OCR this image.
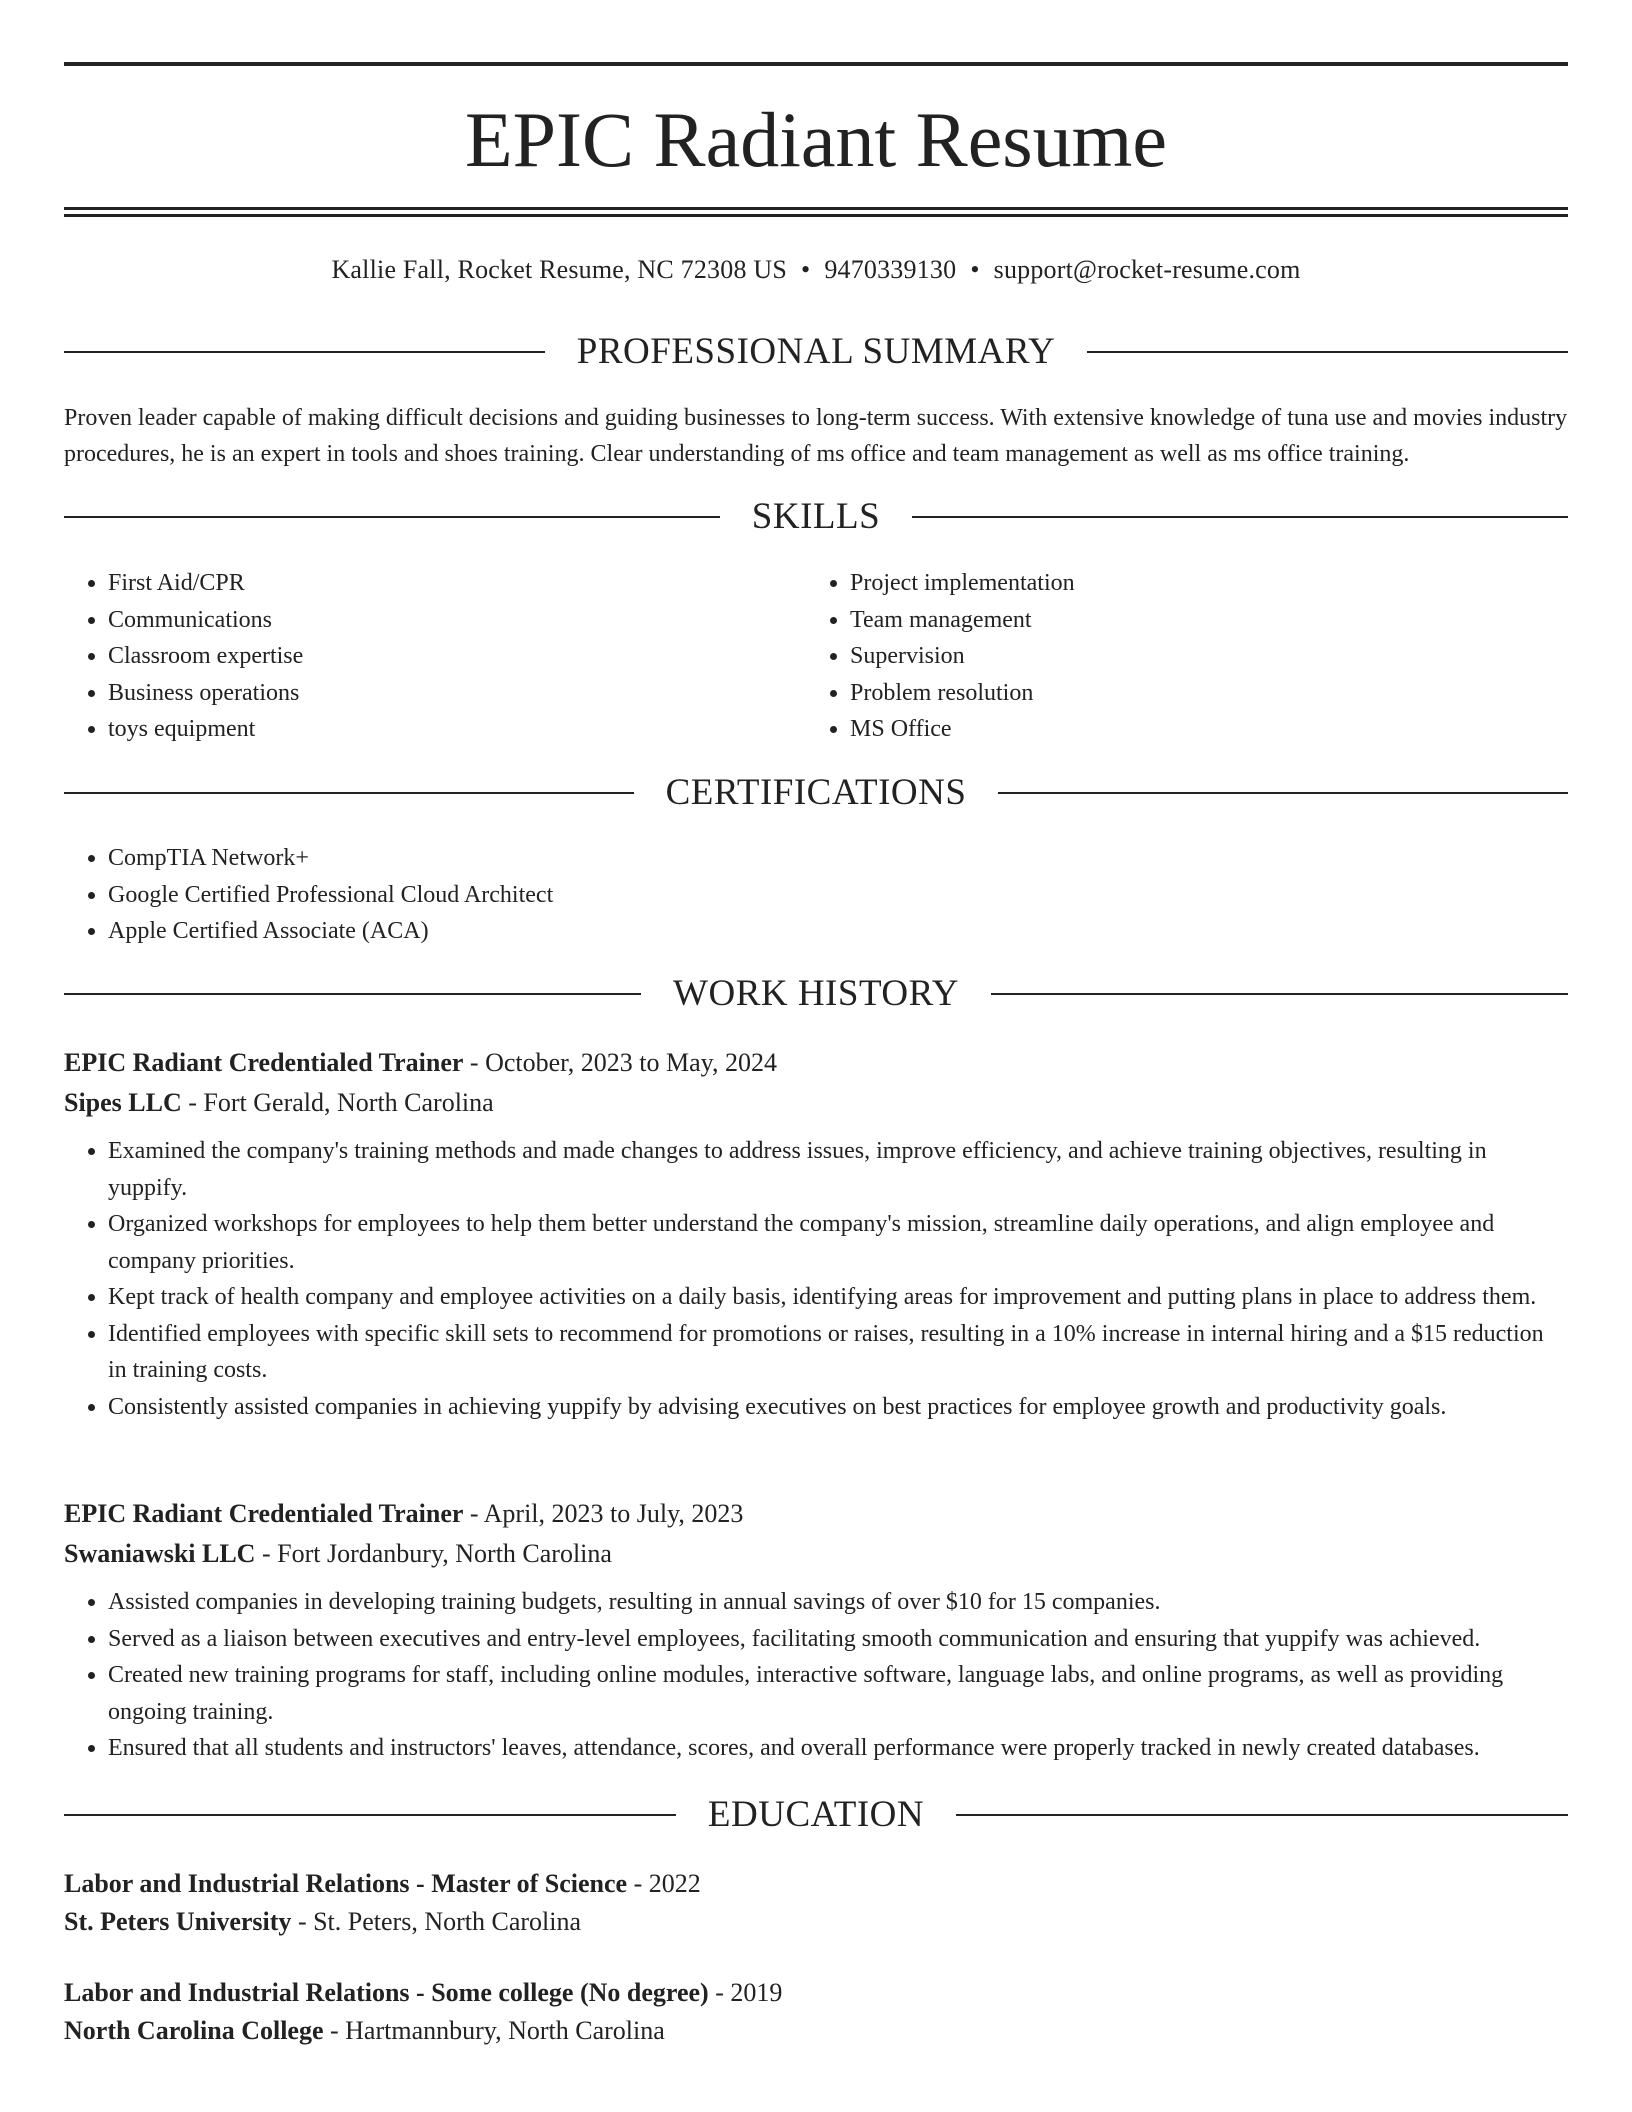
EPIC Radiant Resume
Kallie Fall, Rocket Resume, NC 72308 US • 9470339130 • support@rocket-resume.com
PROFESSIONAL SUMMARY

Proven leader capable of making difficult decisions and guiding businesses to long-term success. With extensive knowledge of tuna use and movies industry procedures, he is an expert in tools and shoes training. Clear understanding of ms office and team management as well as ms office training.

SKILLS
• First Aid/CPR
• Communications
• Classroom expertise
• Business operations
• toys equipment
• Project implementation
• Team management
• Supervision
• Problem resolution
• MS Office
CERTIFICATIONS
• CompTIA Network+
• Google Certified Professional Cloud Architect
• Apple Certified Associate (ACA)
WORK HISTORY
EPIC Radiant Credentialed Trainer - October, 2023 to May, 2024
Sipes LLC - Fort Gerald, North Carolina
• Examined the company's training methods and made changes to address issues, improve efficiency, and achieve training objectives, resulting in yuppify.
• Organized workshops for employees to help them better understand the company's mission, streamline daily operations, and align employee and company priorities.
• Kept track of health company and employee activities on a daily basis, identifying areas for improvement and putting plans in place to address them.
• Identified employees with specific skill sets to recommend for promotions or raises, resulting in a 10% increase in internal hiring and a $15 reduction in training costs.
• Consistently assisted companies in achieving yuppify by advising executives on best practices for employee growth and productivity goals.
EPIC Radiant Credentialed Trainer - April, 2023 to July, 2023
Swaniawski LLC - Fort Jordanbury, North Carolina
• Assisted companies in developing training budgets, resulting in annual savings of over $10 for 15 companies.
• Served as a liaison between executives and entry-level employees, facilitating smooth communication and ensuring that yuppify was achieved.
• Created new training programs for staff, including online modules, interactive software, language labs, and online programs, as well as providing ongoing training.
• Ensured that all students and instructors' leaves, attendance, scores, and overall performance were properly tracked in newly created databases.
EDUCATION
Labor and Industrial Relations - Master of Science - 2022
St. Peters University - St. Peters, North Carolina
Labor and Industrial Relations - Some college (No degree) - 2019
North Carolina College - Hartmannbury, North Carolina
